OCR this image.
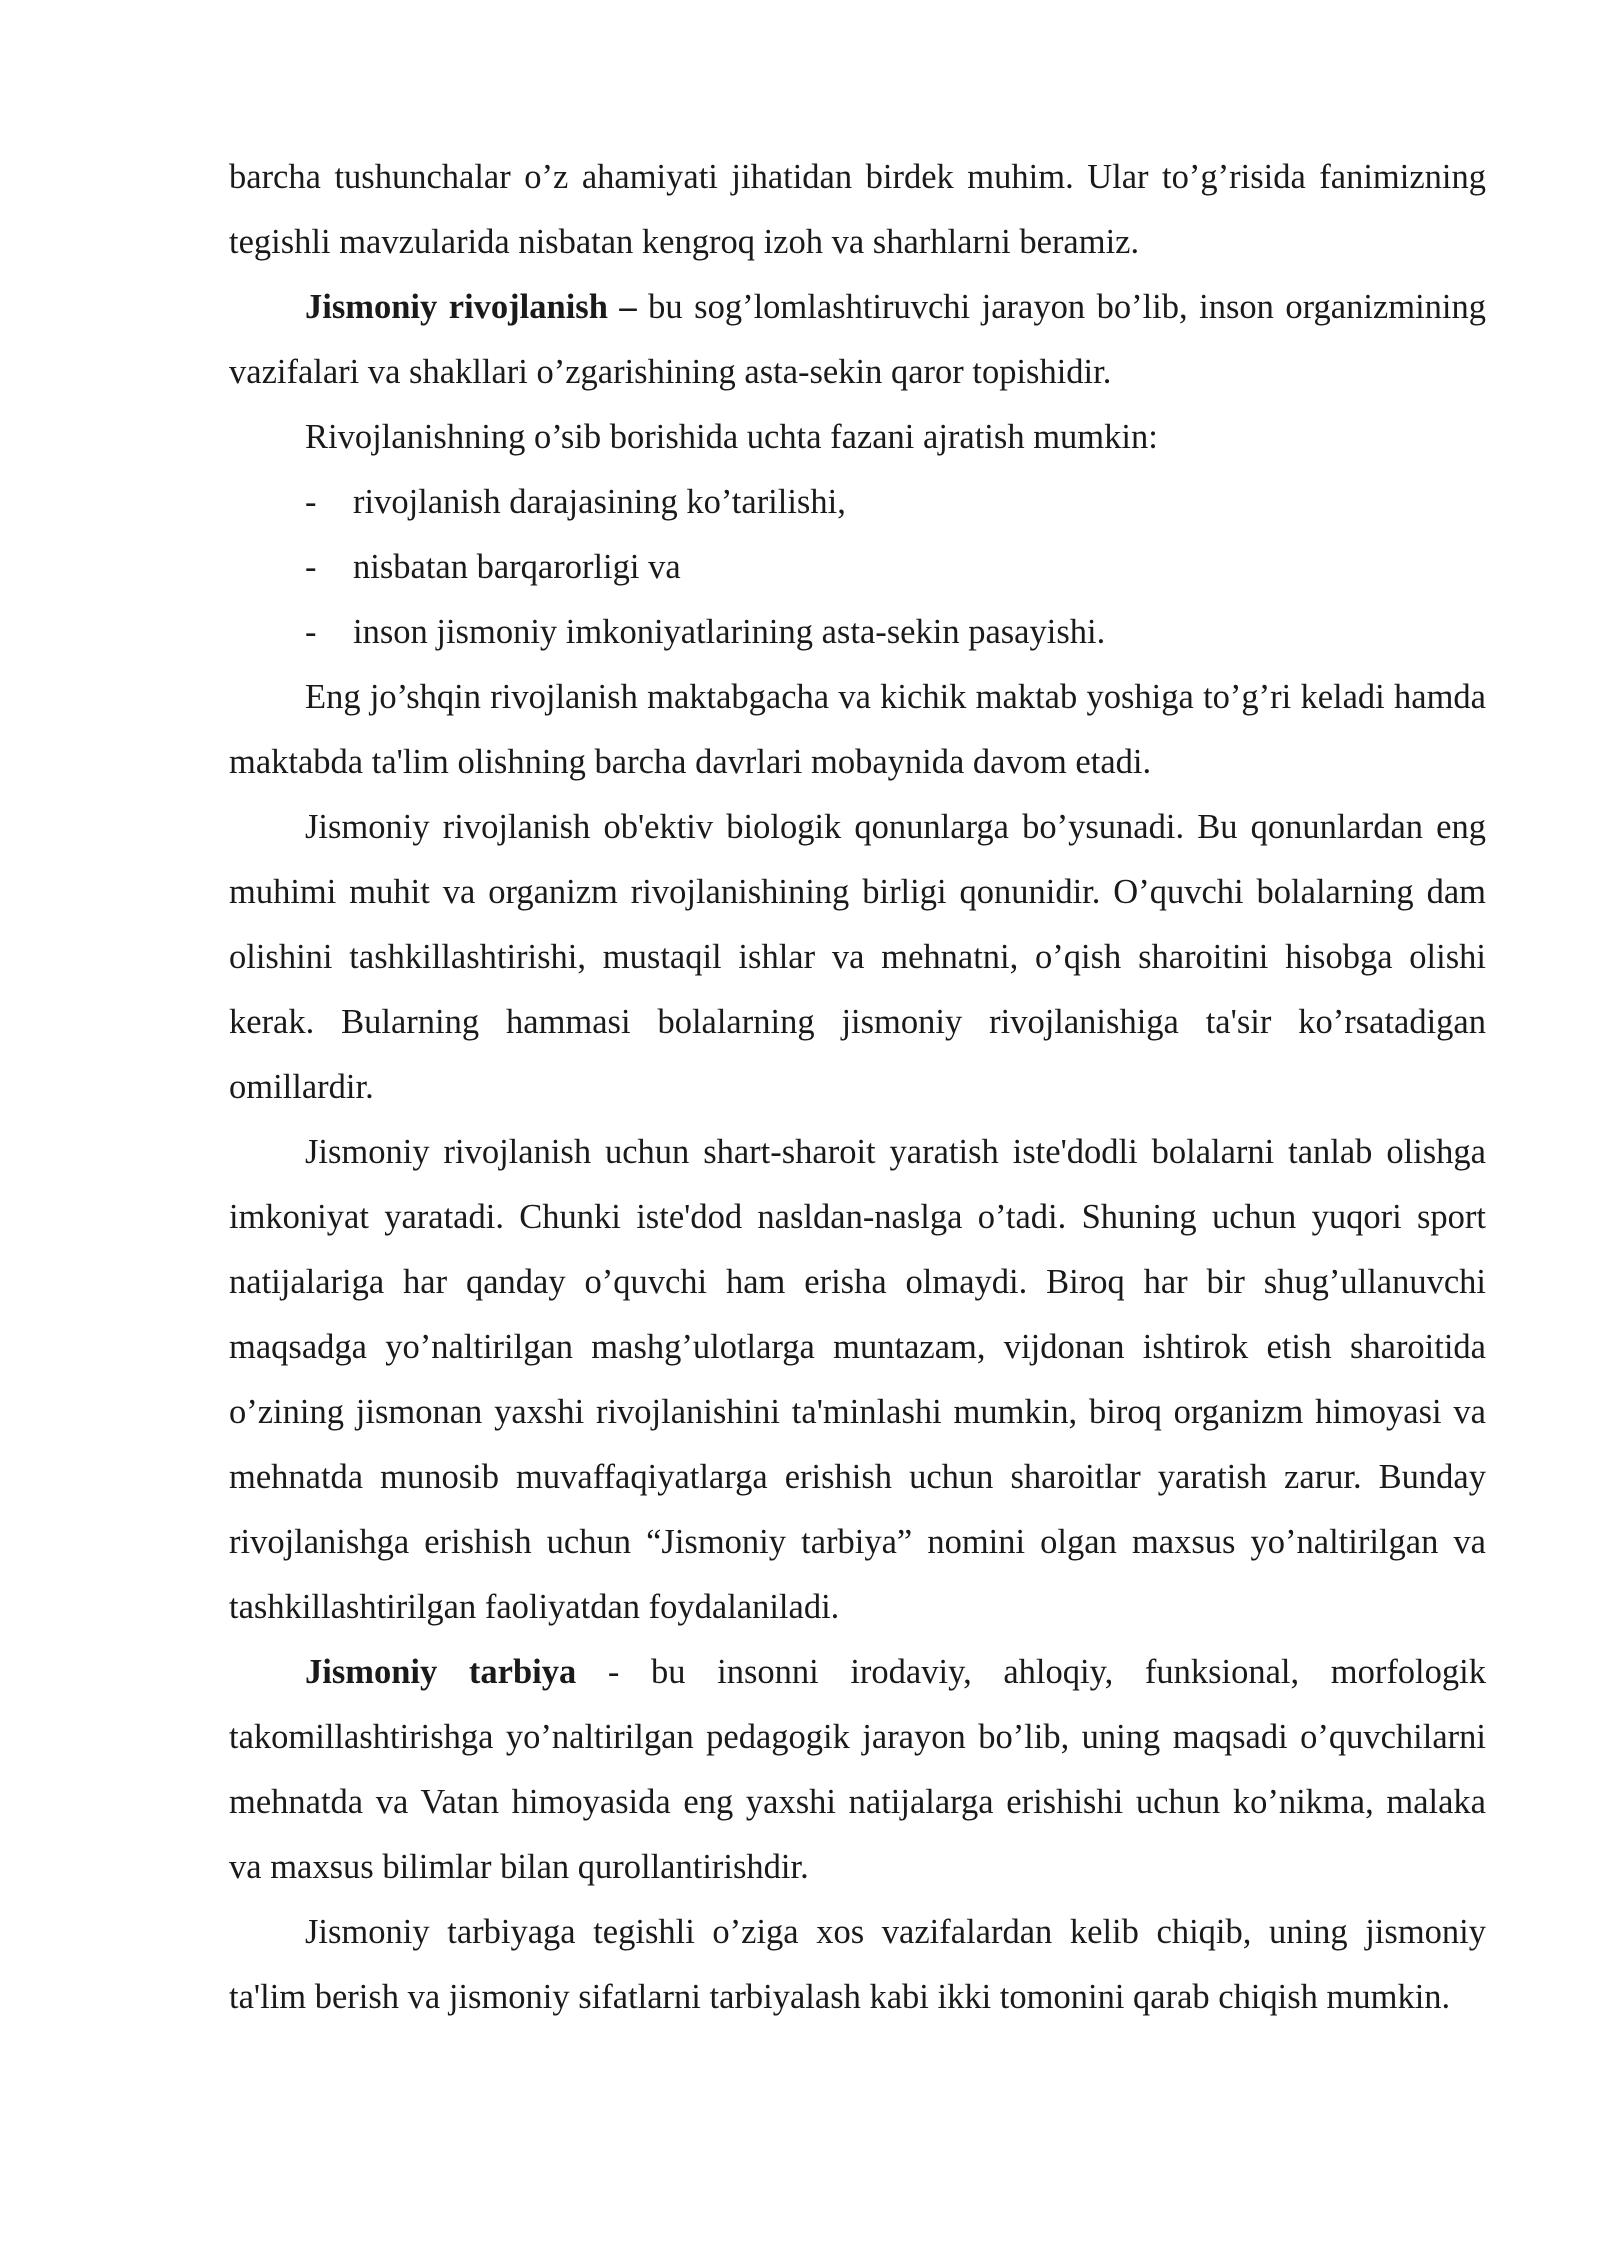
barcha tushunchalar o’z ahamiyati jihatidan birdek muhim. Ular to’g’risida fanimizning tegishli mavzularida nisbatan kengroq izoh va sharhlarni beramiz.

Jismoniy rivojlanish – bu sog’lomlashtiruvchi jarayon bo’lib, inson organizmining vazifalari va shakllari o’zgarishining asta-sekin qaror topishidir.

Rivojlanishning o’sib borishida uchta fazani ajratish mumkin:

-	rivojlanish darajasining ko’tarilishi,
-	nisbatan barqarorligi va
-	inson jismoniy imkoniyatlarining asta-sekin pasayishi.

Eng jo’shqin rivojlanish maktabgacha va kichik maktab yoshiga to’g’ri keladi hamda maktabda ta'lim olishning barcha davrlari mobaynida davom etadi.

Jismoniy rivojlanish ob'ektiv biologik qonunlarga bo’ysunadi. Bu qonunlardan eng muhimi muhit va organizm rivojlanishining birligi qonunidir. O’quvchi bolalarning dam olishini tashkillashtirishi, mustaqil ishlar va mehnatni, o’qish sharoitini hisobga olishi kerak. Bularning hammasi bolalarning jismoniy rivojlanishiga ta'sir ko’rsatadigan omillardir.

Jismoniy rivojlanish uchun shart-sharoit yaratish iste'dodli bolalarni tanlab olishga imkoniyat yaratadi. Chunki iste'dod nasldan-naslga o’tadi. Shuning uchun yuqori sport natijalariga har qanday o’quvchi ham erisha olmaydi. Biroq har bir shug’ullanuvchi maqsadga yo’naltirilgan mashg’ulotlarga muntazam, vijdonan ishtirok etish sharoitida o’zining jismonan yaxshi rivojlanishini ta'minlashi mumkin, biroq organizm himoyasi va mehnatda munosib muvaffaqiyatlarga erishish uchun sharoitlar yaratish zarur. Bunday rivojlanishga erishish uchun “Jismoniy tarbiya” nomini olgan maxsus yo’naltirilgan va tashkillashtirilgan faoliyatdan foydalaniladi.

Jismoniy tarbiya - bu insonni irodaviy, ahloqiy, funksional, morfologik takomillashtirishga yo’naltirilgan pedagogik jarayon bo’lib, uning maqsadi o’quvchilarni mehnatda va Vatan himoyasida eng yaxshi natijalarga erishishi uchun ko’nikma, malaka va maxsus bilimlar bilan qurollantirishdir.

Jismoniy tarbiyaga tegishli o’ziga xos vazifalardan kelib chiqib, uning jismoniy ta'lim berish va jismoniy sifatlarni tarbiyalash kabi ikki tomonini qarab chiqish mumkin.
